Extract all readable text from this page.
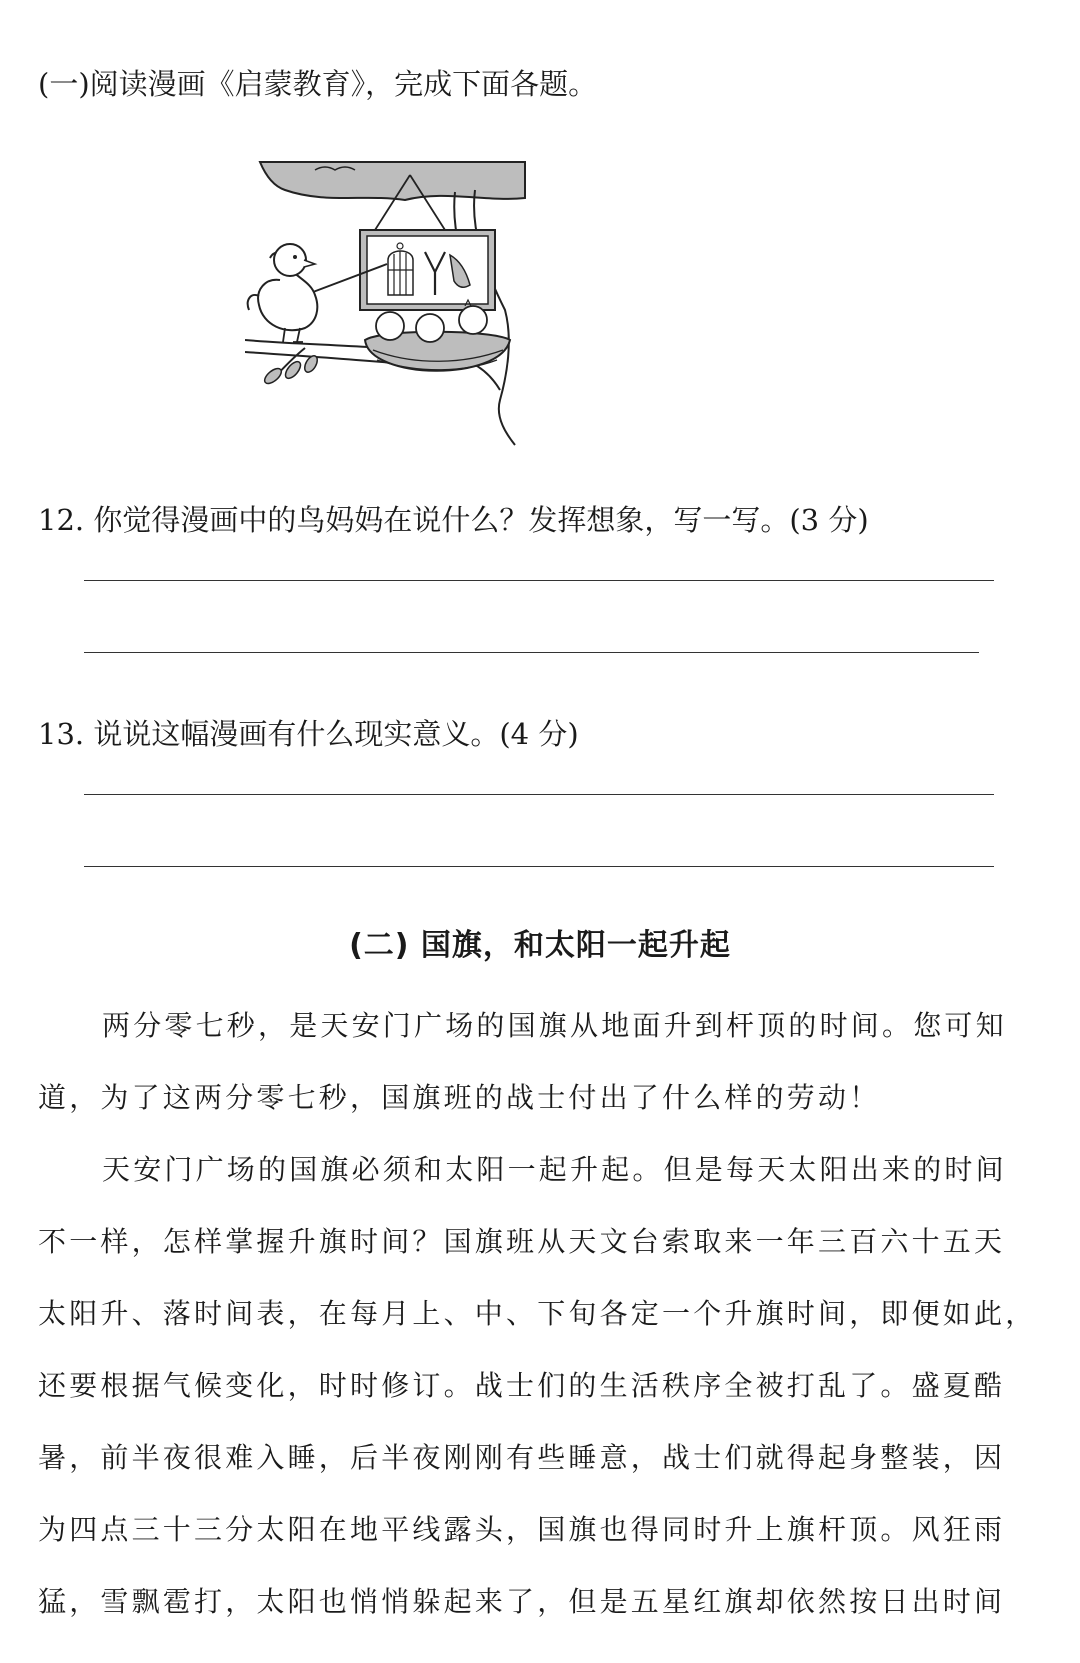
(一)阅读漫画《启蒙教育》，完成下面各题。
12. 你觉得漫画中的鸟妈妈在说什么？发挥想象，写一写。(3 分)
13. 说说这幅漫画有什么现实意义。(4 分)
(二) 国旗，和太阳一起升起
两分零七秒，是天安门广场的国旗从地面升到杆顶的时间。您可知
道，为了这两分零七秒，国旗班的战士付出了什么样的劳动！
天安门广场的国旗必须和太阳一起升起。但是每天太阳出来的时间
不一样，怎样掌握升旗时间？国旗班从天文台索取来一年三百六十五天
太阳升、落时间表，在每月上、中、下旬各定一个升旗时间，即便如此，
还要根据气候变化，时时修订。战士们的生活秩序全被打乱了。盛夏酷
暑，前半夜很难入睡，后半夜刚刚有些睡意，战士们就得起身整装，因
为四点三十三分太阳在地平线露头，国旗也得同时升上旗杆顶。风狂雨
猛，雪飘雹打，太阳也悄悄躲起来了，但是五星红旗却依然按日出时间
